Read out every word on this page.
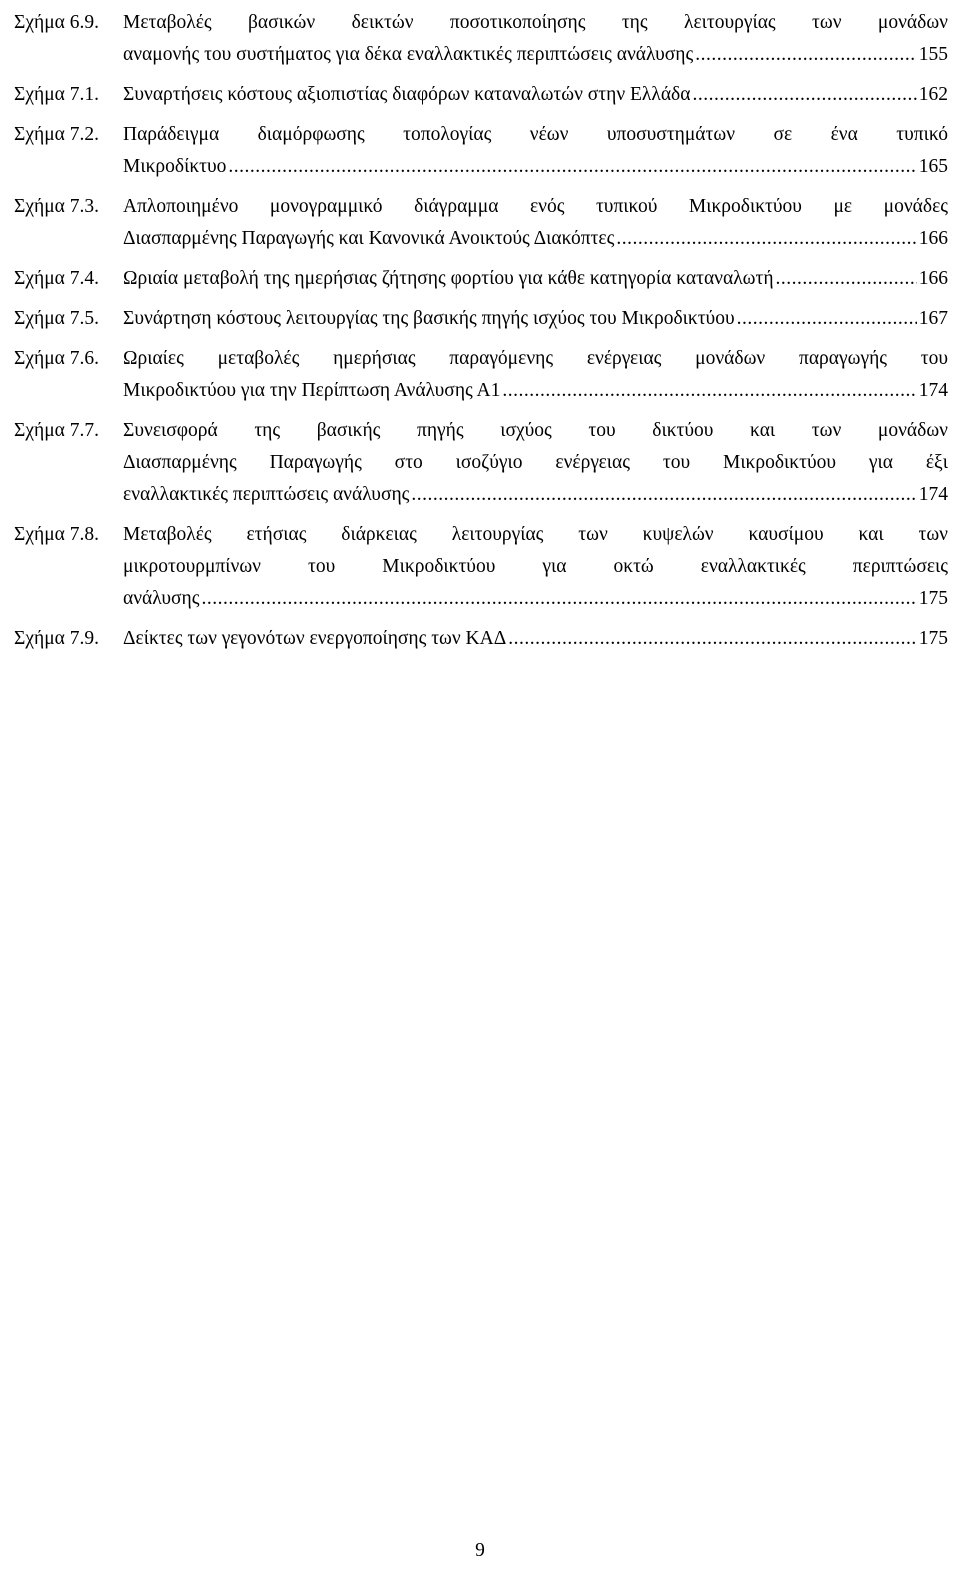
Σχήμα 6.9. Μεταβολές βασικών δεικτών ποσοτικοποίησης της λειτουργίας των μονάδων
αναμονής του συστήματος για δέκα εναλλακτικές περιπτώσεις ανάλυσης .....	155
Σχήμα 7.1. Συναρτήσεις κόστους αξιοπιστίας διαφόρων καταναλωτών στην Ελλάδα .....	162
Σχήμα 7.2. Παράδειγμα διαμόρφωσης τοπολογίας νέων υποσυστημάτων σε ένα τυπικό
Μικροδίκτυο .....	165
Σχήμα 7.3. Απλοποιημένο μονογραμμικό διάγραμμα ενός τυπικού Μικροδικτύου με μονάδες
Διασπαρμένης Παραγωγής και Κανονικά Ανοικτούς Διακόπτες .....	166
Σχήμα 7.4. Ωριαία μεταβολή της ημερήσιας ζήτησης φορτίου για κάθε κατηγορία καταναλωτή .....	166
Σχήμα 7.5. Συνάρτηση κόστους λειτουργίας της βασικής πηγής ισχύος του Μικροδικτύου .....	167
Σχήμα 7.6. Ωριαίες μεταβολές ημερήσιας παραγόμενης ενέργειας μονάδων παραγωγής του
Μικροδικτύου για την Περίπτωση Ανάλυσης Α1 .....	174
Σχήμα 7.7. Συνεισφορά της βασικής πηγής ισχύος του δικτύου και των μονάδων
Διασπαρμένης Παραγωγής στο ισοζύγιο ενέργειας του Μικροδικτύου για έξι
εναλλακτικές περιπτώσεις ανάλυσης .....	174
Σχήμα 7.8. Μεταβολές ετήσιας διάρκειας λειτουργίας των κυψελών καυσίμου και των
μικροτουρμπίνων του Μικροδικτύου για οκτώ εναλλακτικές περιπτώσεις
ανάλυσης .....	175
Σχήμα 7.9. Δείκτες των γεγονότων ενεργοποίησης των ΚΑΔ .....	175
9
